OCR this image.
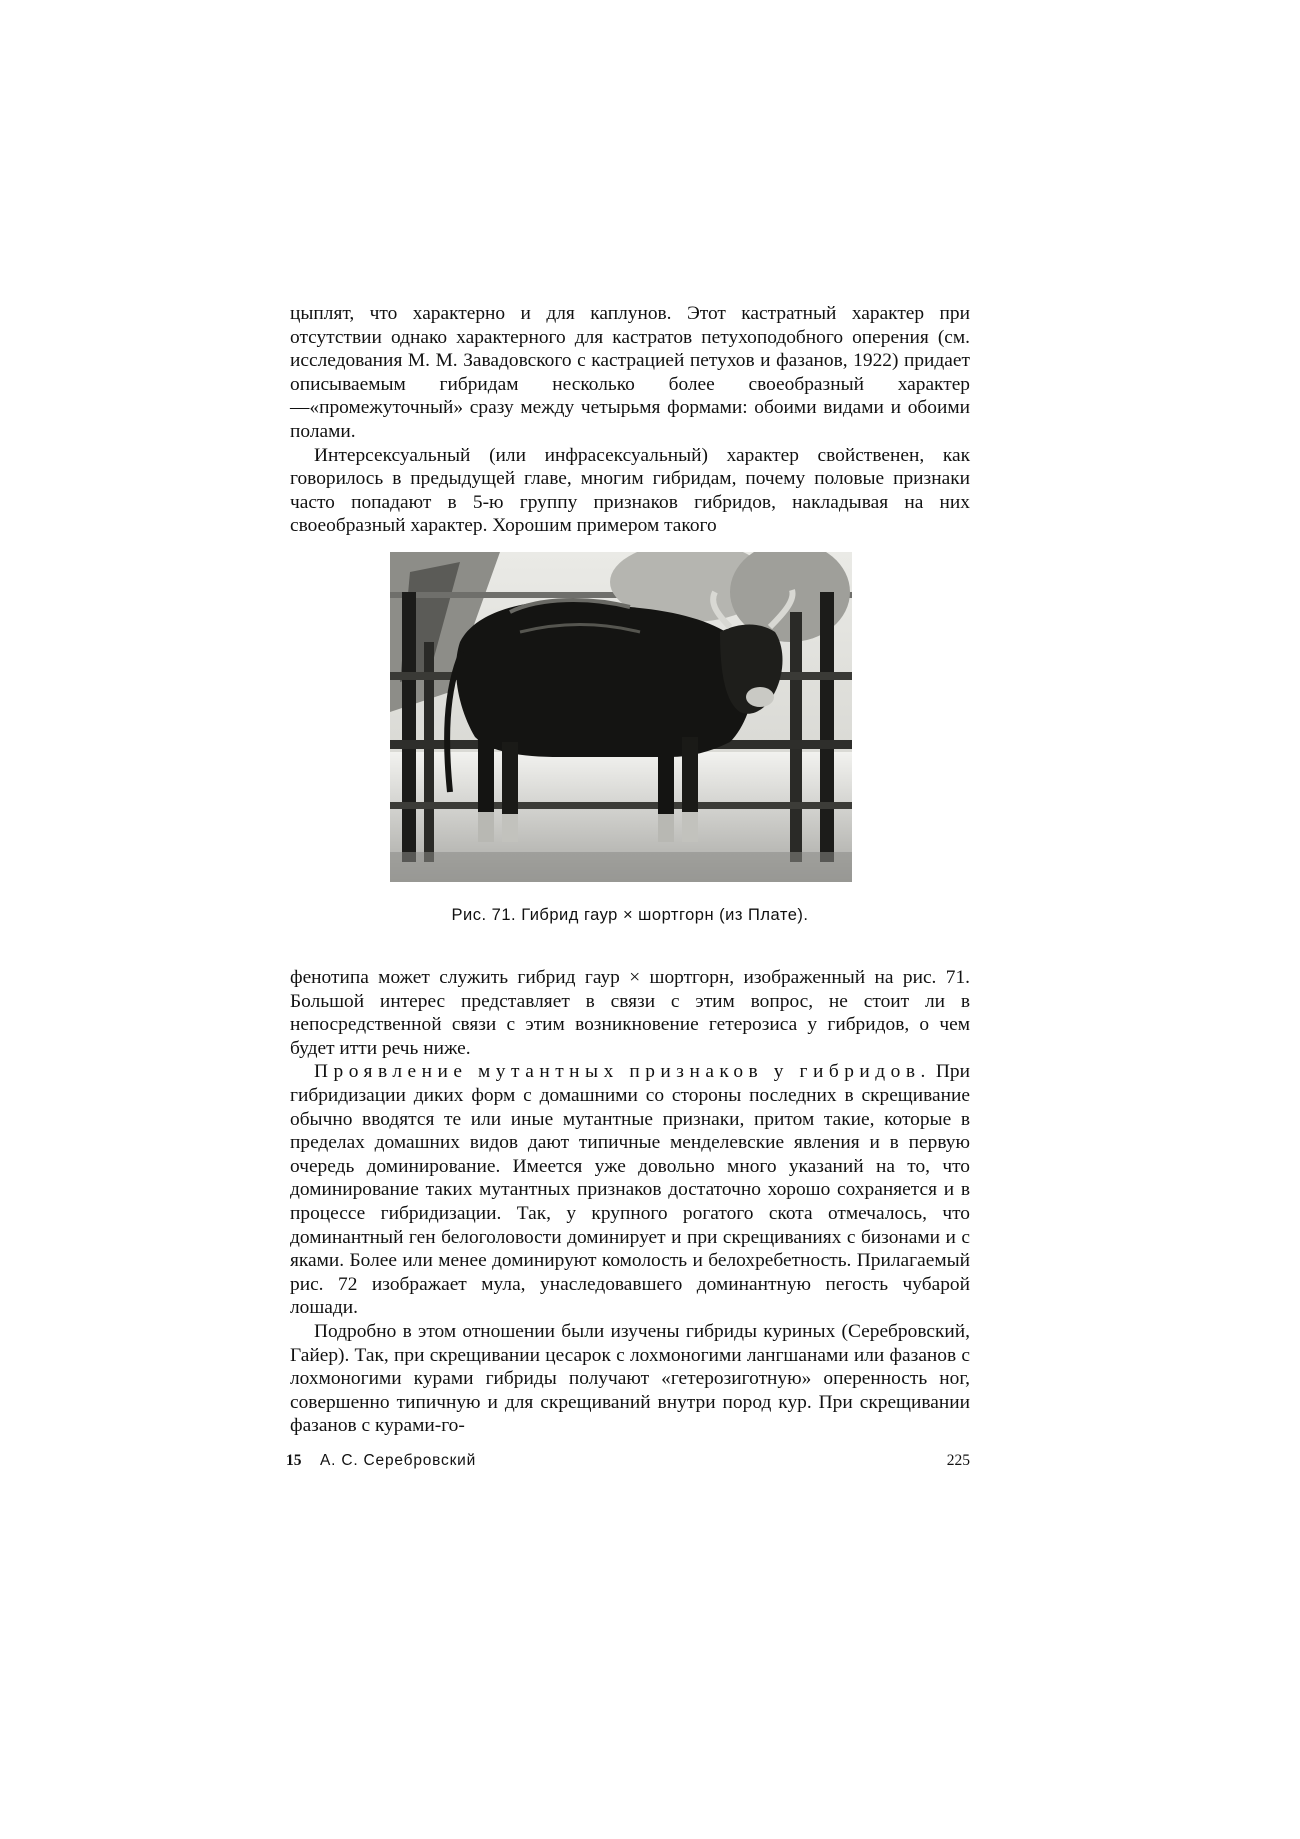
цыплят, что характерно и для каплунов. Этот кастратный характер при отсутствии однако характерного для кастратов петухоподобного оперения (см. исследования М. М. Завадовского с кастрацией петухов и фазанов, 1922) придает описываемым гибридам несколько более своеобразный характер—«промежуточный» сразу между четырьмя формами: обоими видами и обоими полами.

Интерсексуальный (или инфрасексуальный) характер свойственен, как говорилось в предыдущей главе, многим гибридам, почему половые признаки часто попадают в 5-ю группу признаков гибридов, накладывая на них своеобразный характер. Хорошим примером такого

Рис. 71. Гибрид гаур × шортгорн (из Плате).

фенотипа может служить гибрид гаур × шортгорн, изображенный на рис. 71. Большой интерес представляет в связи с этим вопрос, не стоит ли в непосредственной связи с этим возникновение гетерозиса у гибридов, о чем будет итти речь ниже.

Проявление мутантных признаков у гибридов. При гибридизации диких форм с домашними со стороны последних в скрещивание обычно вводятся те или иные мутантные признаки, притом такие, которые в пределах домашних видов дают типичные менделевские явления и в первую очередь доминирование. Имеется уже довольно много указаний на то, что доминирование таких мутантных признаков достаточно хорошо сохраняется и в процессе гибридизации. Так, у крупного рогатого скота отмечалось, что доминантный ген белоголовости доминирует и при скрещиваниях с бизонами и с яками. Более или менее доминируют комолость и белохребетность. Прилагаемый рис. 72 изображает мула, унаследовавшего доминантную пегость чубарой лошади.

Подробно в этом отношении были изучены гибриды куриных (Серебровский, Гайер). Так, при скрещивании цесарок с лохмоногими лангшанами или фазанов с лохмоногими курами гибриды получают «гетерозиготную» оперенность ног, совершенно типичную и для скрещиваний внутри пород кур. При скрещивании фазанов с курами-го-

15 А. С. Серебровский	225
